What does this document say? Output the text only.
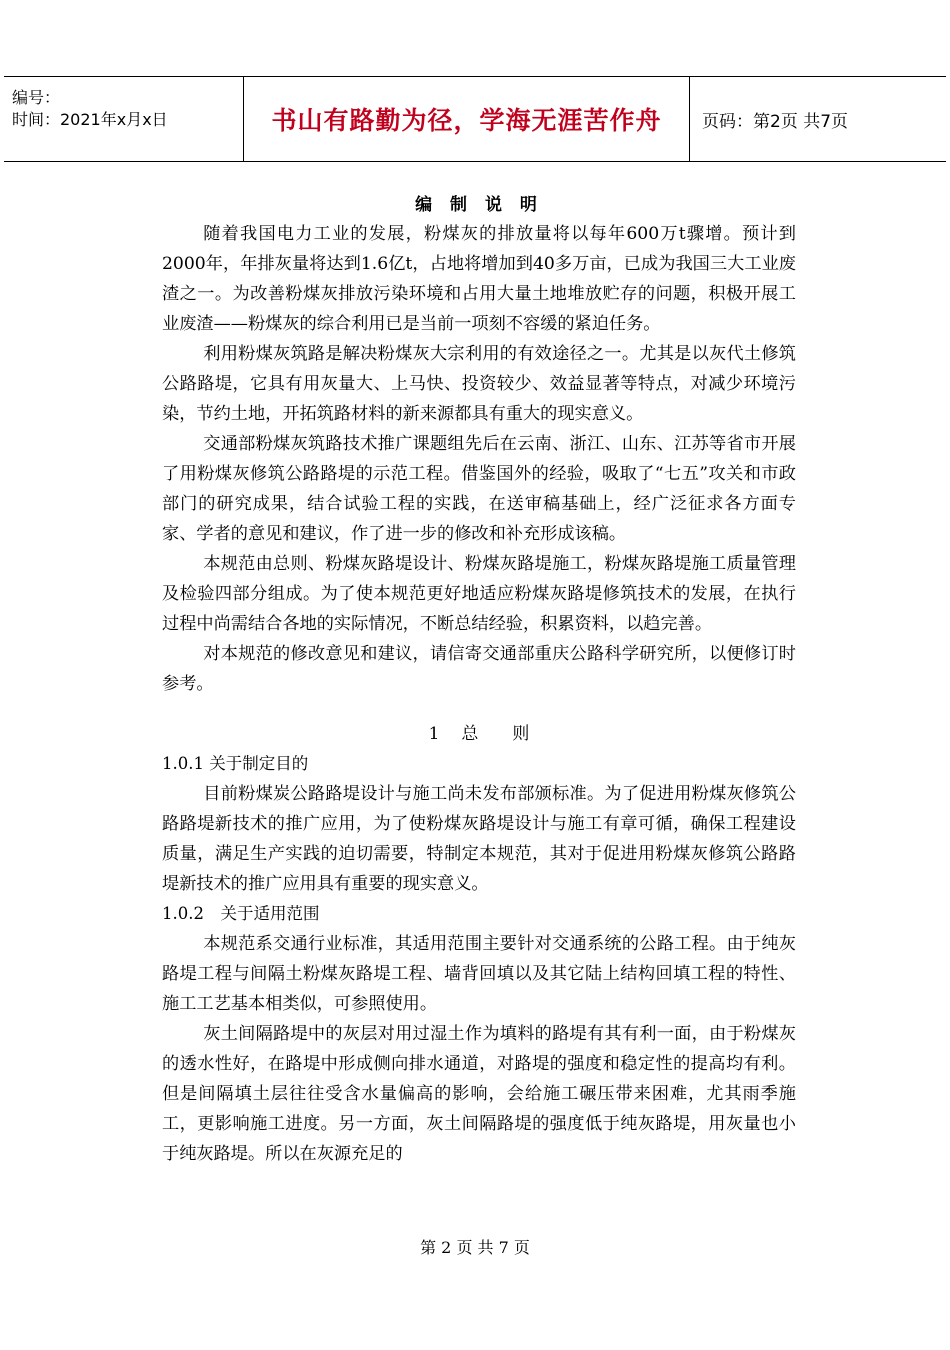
编号：
时间：2021年x月x日	书山有路勤为径，学海无涯苦作舟	页码：第2页 共7页
编 制 说 明

随着我国电力工业的发展，粉煤灰的排放量将以每年600万t骤增。预计到2000年，年排灰量将达到1.6亿t，占地将增加到40多万亩，已成为我国三大工业废渣之一。为改善粉煤灰排放污染环境和占用大量土地堆放贮存的问题，积极开展工业废渣——粉煤灰的综合利用已是当前一项刻不容缓的紧迫任务。

利用粉煤灰筑路是解决粉煤灰大宗利用的有效途径之一。尤其是以灰代土修筑公路路堤，它具有用灰量大、上马快、投资较少、效益显著等特点，对减少环境污染，节约土地，开拓筑路材料的新来源都具有重大的现实意义。

交通部粉煤灰筑路技术推广课题组先后在云南、浙江、山东、江苏等省市开展了用粉煤灰修筑公路路堤的示范工程。借鉴国外的经验，吸取了“七五”攻关和市政部门的研究成果，结合试验工程的实践，在送审稿基础上，经广泛征求各方面专家、学者的意见和建议，作了进一步的修改和补充形成该稿。

本规范由总则、粉煤灰路堤设计、粉煤灰路堤施工，粉煤灰路堤施工质量管理及检验四部分组成。为了使本规范更好地适应粉煤灰路堤修筑技术的发展，在执行过程中尚需结合各地的实际情况，不断总结经验，积累资料，以趋完善。

对本规范的修改意见和建议，请信寄交通部重庆公路科学研究所，以便修订时参考。

1 总　　则

1.0.1 关于制定目的

目前粉煤炭公路路堤设计与施工尚未发布部颁标准。为了促进用粉煤灰修筑公路路堤新技术的推广应用，为了使粉煤灰路堤设计与施工有章可循，确保工程建设质量，满足生产实践的迫切需要，特制定本规范，其对于促进用粉煤灰修筑公路路堤新技术的推广应用具有重要的现实意义。

1.0.2　关于适用范围

本规范系交通行业标准，其适用范围主要针对交通系统的公路工程。由于纯灰路堤工程与间隔土粉煤灰路堤工程、墙背回填以及其它陆上结构回填工程的特性、施工工艺基本相类似，可参照使用。

灰土间隔路堤中的灰层对用过湿土作为填料的路堤有其有利一面，由于粉煤灰的透水性好，在路堤中形成侧向排水通道，对路堤的强度和稳定性的提高均有利。但是间隔填土层往往受含水量偏高的影响，会给施工碾压带来困难，尤其雨季施工，更影响施工进度。另一方面，灰土间隔路堤的强度低于纯灰路堤，用灰量也小于纯灰路堤。所以在灰源充足的

第 2 页 共 7 页
